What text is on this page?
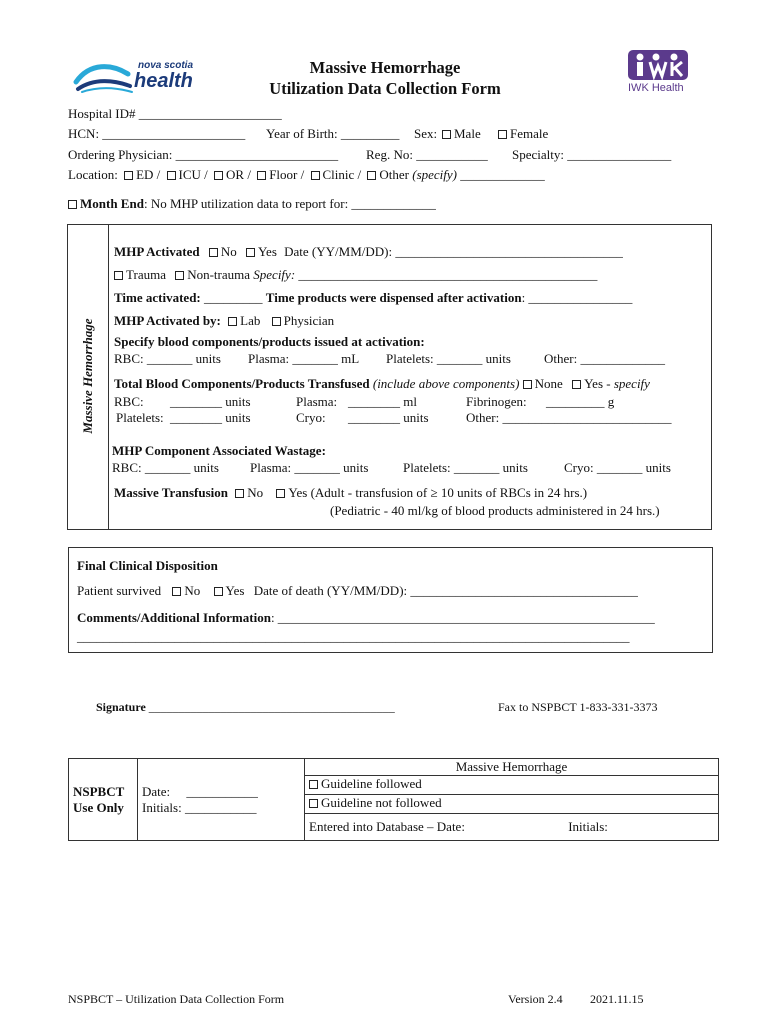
nova scotia
health
Massive Hemorrhage
Utilization Data Collection Form	IWK Health
Hospital ID# ______________________
HCN: ______________________ Year of Birth: _________ Sex:	Male	Female
Ordering Physician: _________________________ Reg. No: ___________ Specialty: ________________
Location: ED / ICU / OR / Floor / Clinic / Other (specify) _____________
Month End: No MHP utilization data to report for: _____________
Massive Hemorrhage
MHP Activated No Yes Date (YY/MM/DD): ___________________________________
Trauma Non-trauma Specify: ______________________________________________
Time activated: _________ Time products were dispensed after activation: ________________
MHP Activated by: Lab Physician
Specify blood components/products issued at activation:
RBC: _______ units Plasma: _______ mL Platelets: _______ units	Other: _____________
Total Blood Components/Products Transfused (include above components) None Yes - specify
RBC: ________ units	Plasma: ________ ml	Fibrinogen: _________ g
Platelets: ________ units	Cryo: ________ units	Other: __________________________
MHP Component Associated Wastage:
RBC: _______ units Plasma: _______ units	Platelets: _______ units	Cryo: _______ units
Massive Transfusion No Yes (Adult - transfusion of ≥ 10 units of RBCs in 24 hrs.)
(Pediatric - 40 ml/kg of blood products administered in 24 hrs.)
Final Clinical Disposition
Patient survived No Yes Date of death (YY/MM/DD): ___________________________________
Comments/Additional Information: __________________________________________________________
_____________________________________________________________________________________
Signature _________________________________________	Fax to NSPBCT 1-833-331-3373
NSPBCT
Use Only

Date: ___________
Initials: ___________
	Massive Hemorrhage
Guideline followed
Guideline not followed
Entered into Database – Date:	Initials:
NSPBCT – Utilization Data Collection Form	Version 2.4 2021.11.15
